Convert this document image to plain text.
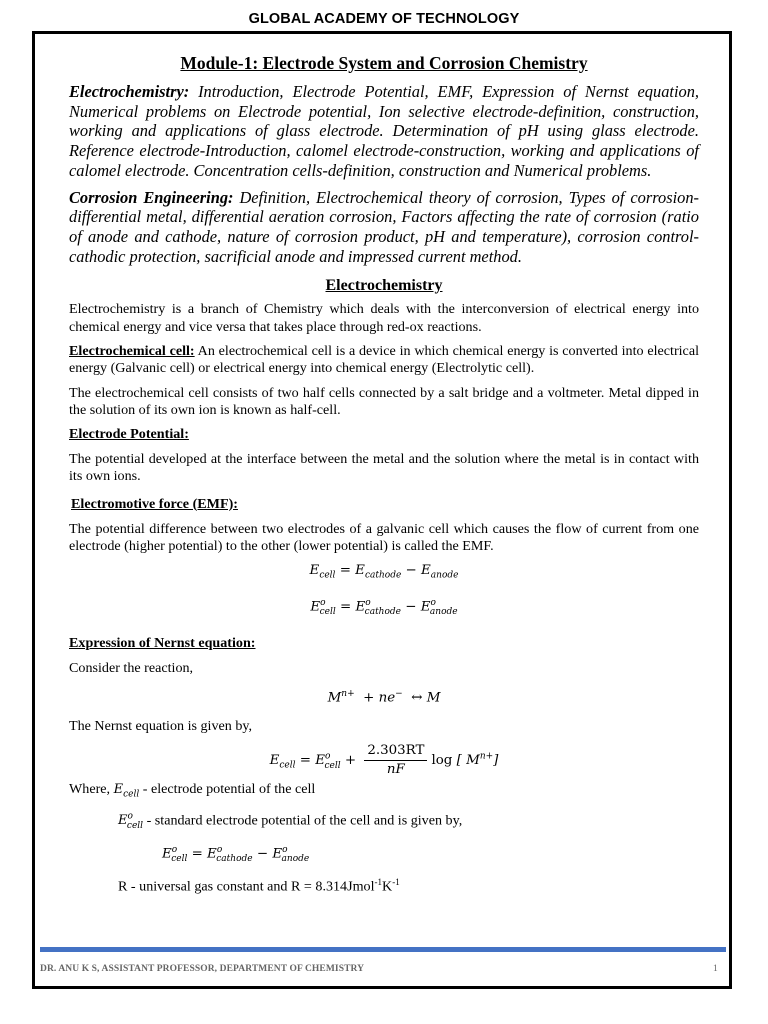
GLOBAL ACADEMY OF TECHNOLOGY
Module-1: Electrode System and Corrosion Chemistry

Electrochemistry: Introduction, Electrode Potential, EMF, Expression of Nernst equation, Numerical problems on Electrode potential, Ion selective electrode-definition, construction, working and applications of glass electrode. Determination of pH using glass electrode. Reference electrode-Introduction, calomel electrode-construction, working and applications of calomel electrode. Concentration cells-definition, construction and Numerical problems.

Corrosion Engineering: Definition, Electrochemical theory of corrosion, Types of corrosion-differential metal, differential aeration corrosion, Factors affecting the rate of corrosion (ratio of anode and cathode, nature of corrosion product, pH and temperature), corrosion control-cathodic protection, sacrificial anode and impressed current method.

Electrochemistry

Electrochemistry is a branch of Chemistry which deals with the interconversion of electrical energy into chemical energy and vice versa that takes place through red-ox reactions.

Electrochemical cell: An electrochemical cell is a device in which chemical energy is converted into electrical energy (Galvanic cell) or electrical energy into chemical energy (Electrolytic cell).

The electrochemical cell consists of two half cells connected by a salt bridge and a voltmeter. Metal dipped in the solution of its own ion is known as half-cell.

Electrode Potential:

The potential developed at the interface between the metal and the solution where the metal is in contact with its own ions.

Electromotive force (EMF):

The potential difference between two electrodes of a galvanic cell which causes the flow of current from one electrode (higher potential) to the other (lower potential) is called the EMF.

$E_{cell} = E_{cathode} - E_{anode}$

$E^o_{cell} = E^o_{cathode} - E^o_{anode}$

Expression of Nernst equation:

Consider the reaction,

$M^{n+} + ne^-$  ↔ M

The Nernst equation is given by,

$E_{cell} = E^o_{cell} + \frac{2.303RT}{nF}$ log [ $M^{n+}$]

Where, $E_{cell}$ - electrode potential of the cell

$E^o_{cell}$ - standard electrode potential of the cell and is given by,

$E^o_{cell} = E^o_{cathode} - E^o_{anode}$

R - universal gas constant and $R = 8.314Jmol^{-1}K^{-1}$

DR. ANU K S, ASSISTANT PROFESSOR, DEPARTMENT OF CHEMISTRY	1
